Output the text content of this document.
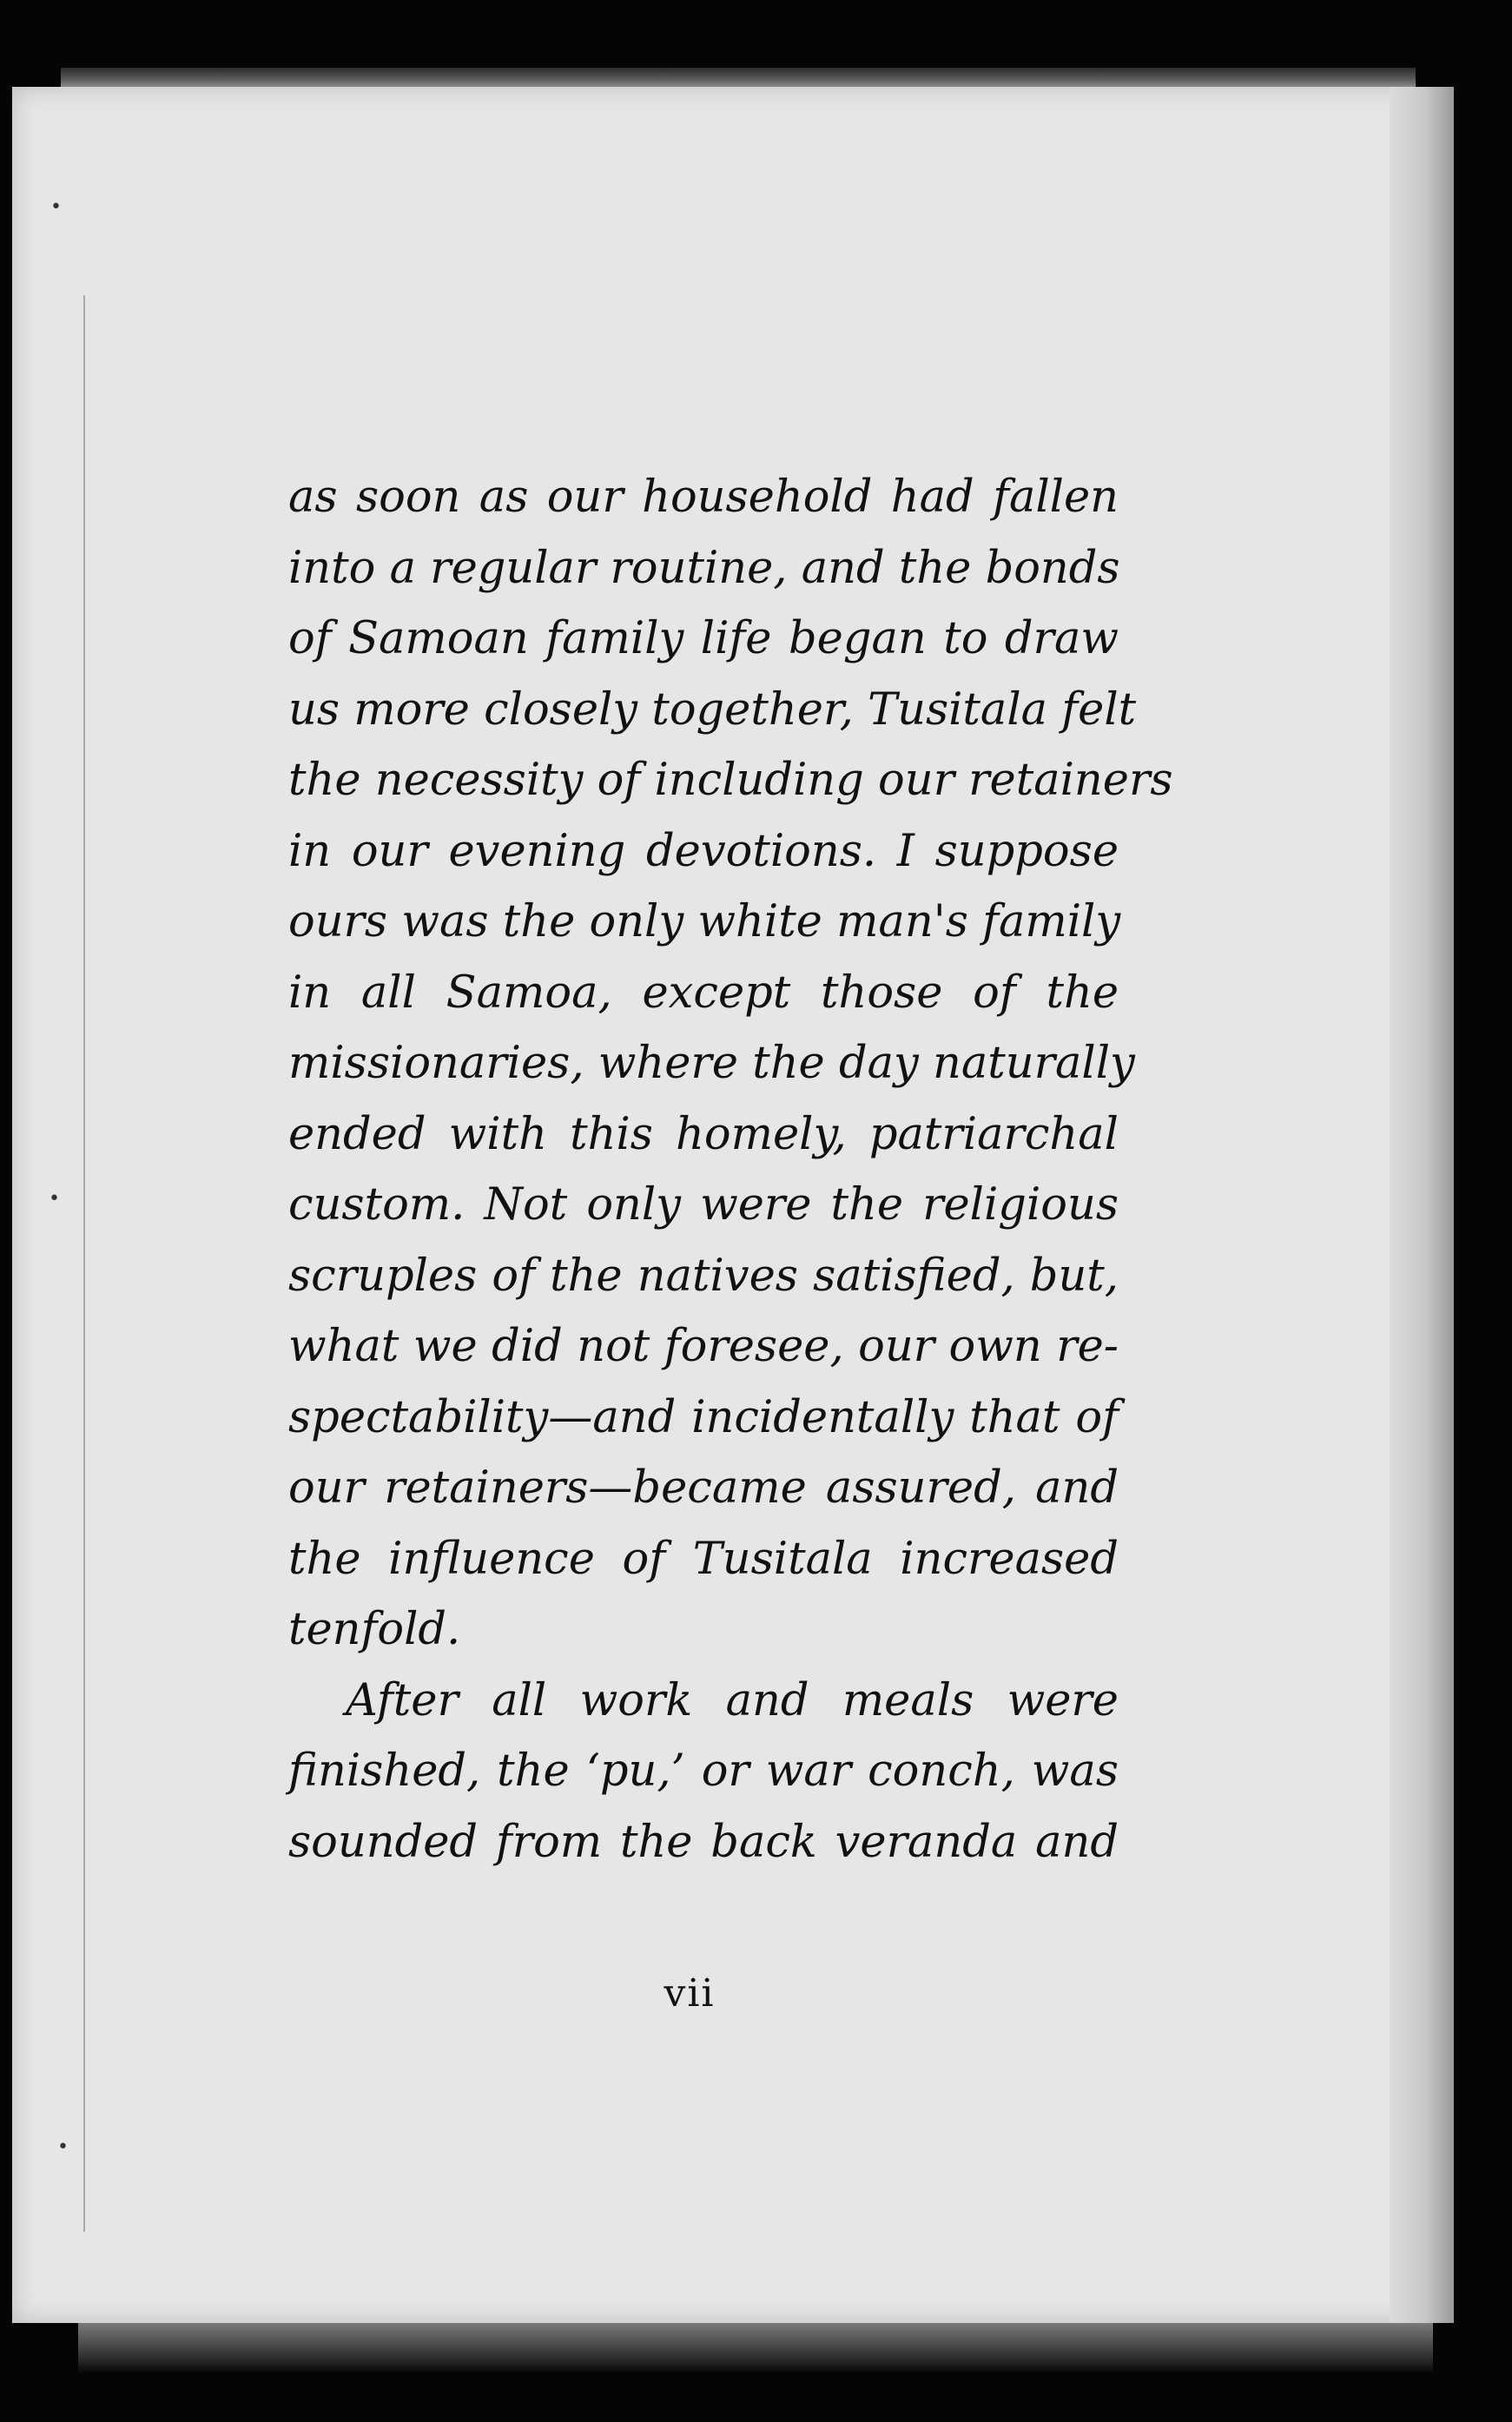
•
•
•
as soon as our household had fallen
into a regular routine, and the bonds
of Samoan family life began to draw
us more closely together, Tusitala felt
the necessity of including our retainers
in our evening devotions. I suppose
ours was the only white man's family
in all Samoa, except those of the
missionaries, where the day naturally
ended with this homely, patriarchal
custom. Not only were the religious
scruples of the natives satisfied, but,
what we did not foresee, our own re-
spectability—and incidentally that of
our retainers—became assured, and
the influence of Tusitala increased
tenfold.
After all work and meals were
finished, the ‘pu,’ or war conch, was
sounded from the back veranda and
vii
